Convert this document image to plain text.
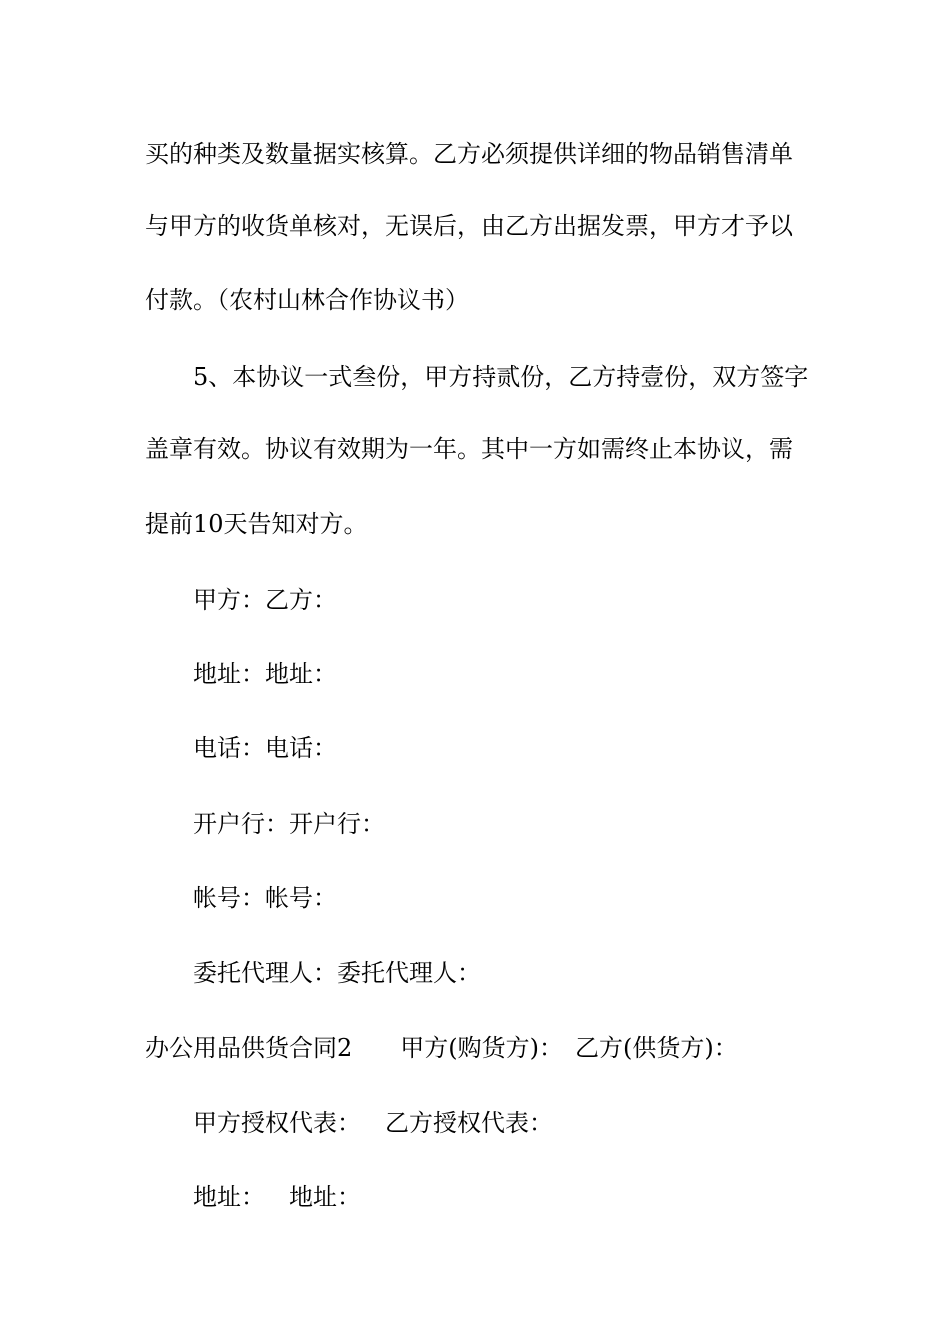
买的种类及数量据实核算。乙方必须提供详细的物品销售清单
与甲方的收货单核对，无误后，由乙方出据发票，甲方才予以
付款。（农村山林合作协议书）
5、本协议一式叁份，甲方持贰份，乙方持壹份，双方签字
盖章有效。协议有效期为一年。其中一方如需终止本协议，需
提前10天告知对方。
甲方：乙方：
地址：地址：
电话：电话：
开户行：开户行：
帐号：帐号：
委托代理人：委托代理人：
办公用品供货合同2 甲方(购货方)： 乙方(供货方)：
甲方授权代表： 乙方授权代表：
地址： 地址：
